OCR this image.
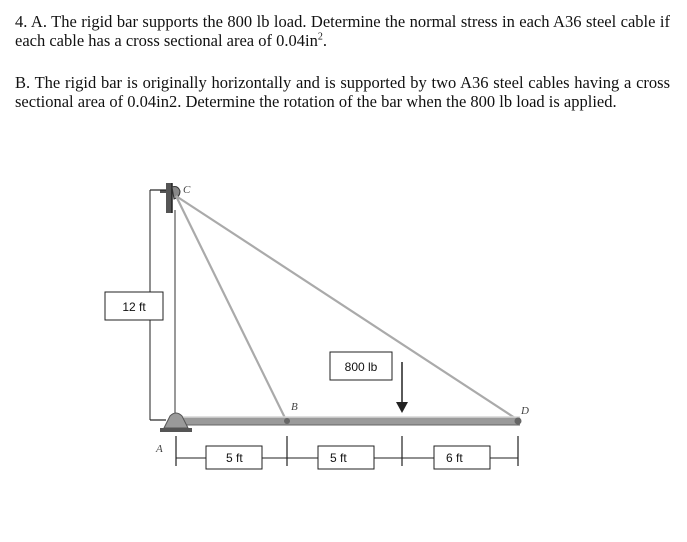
4. A. The rigid bar supports the 800 lb load. Determine the normal stress in each A36 steel cable if each cable has a cross sectional area of $0.04in^2$.

B. The rigid bar is originally horizontally and is supported by two A36 steel cables having a cross sectional area of 0.04in2. Determine the rotation of the bar when the 800 lb load is applied.

12 ft
C
B	D
A
800 lb
5 ft	5 ft	6 ft
